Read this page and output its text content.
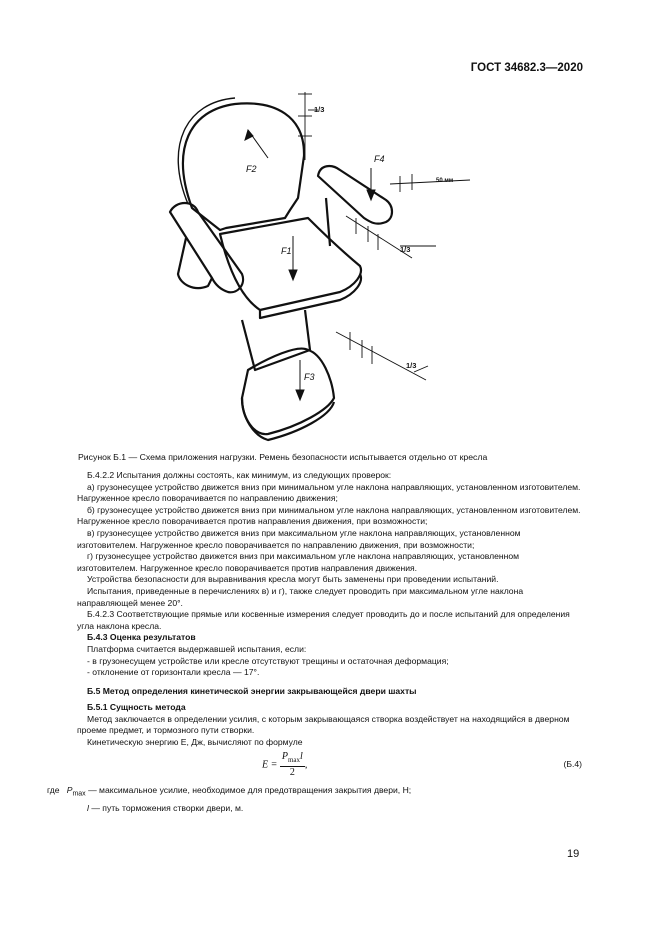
ГОСТ 34682.3—2020
F2
F1
F3
F4
1/3
50 мм
1/3
1/3
Рисунок Б.1 — Схема приложения нагрузки. Ремень безопасности испытывается отдельно от кресла

Б.4.2.2 Испытания должны состоять, как минимум, из следующих проверок:

а) грузонесущее устройство движется вниз при минимальном угле наклона направляющих, установленном изготовителем. Нагруженное кресло поворачивается по направлению движения;

б) грузонесущее устройство движется вниз при минимальном угле наклона направляющих, установленном изготовителем. Нагруженное кресло поворачивается против направления движения, при возможности;

в) грузонесущее устройство движется вниз при максимальном угле наклона направляющих, установленном изготовителем. Нагруженное кресло поворачивается по направлению движения, при возможности;

г) грузонесущее устройство движется вниз при максимальном угле наклона направляющих, установленном изготовителем. Нагруженное кресло поворачивается против направления движения.

Устройства безопасности для выравнивания кресла могут быть заменены при проведении испытаний.

Испытания, приведенные в перечислениях в) и г), также следует проводить при максимальном угле наклона направляющей менее 20°.

Б.4.2.3 Соответствующие прямые или косвенные измерения следует проводить до и после испытаний для определения угла наклона кресла.

Б.4.3 Оценка результатов

Платформа считается выдержавшей испытания, если:

- в грузонесущем устройстве или кресле отсутствуют трещины и остаточная деформация;

- отклонение от горизонтали кресла — 17°.

Б.5 Метод определения кинетической энергии закрывающейся двери шахты

Б.5.1 Сущность метода

Метод заключается в определении усилия, с которым закрывающаяся створка воздействует на находящийся в дверном проеме предмет, и тормозного пути створки.

Кинетическую энергию E, Дж, вычисляют по формуле

$E = \frac{P_{max}l}{2}$ ,	(Б.4)

где $P_{max}$ — максимальное усилие, необходимое для предотвращения закрытия двери, Н;

l — путь торможения створки двери, м.

19
